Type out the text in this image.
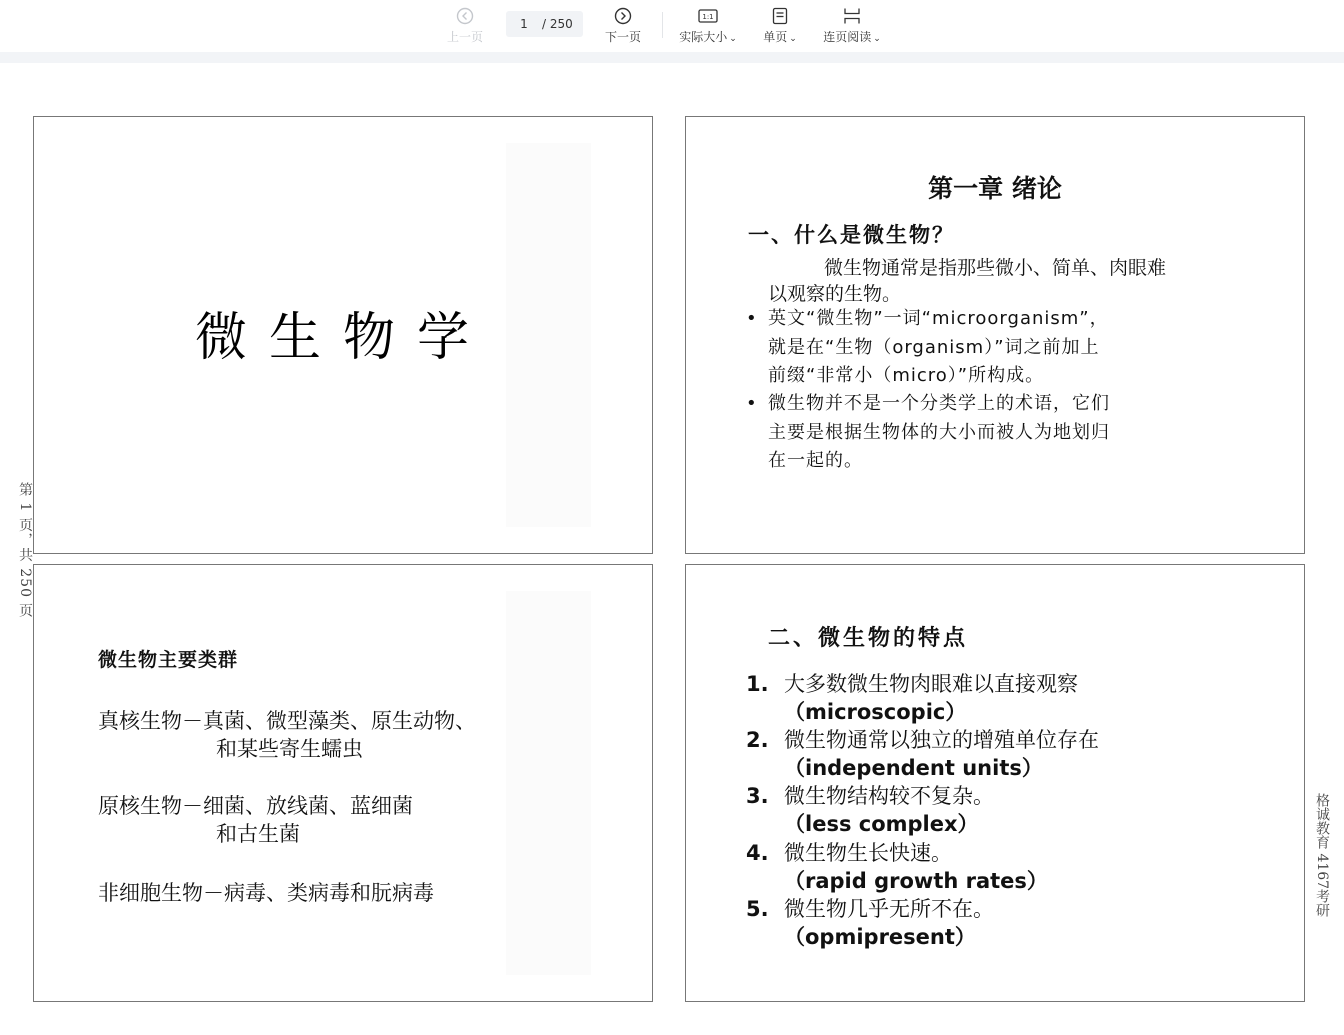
上一页
1	/ 250
下一页
1:1
实际大小 ⌄ 单页 ⌄ 连页阅读 ⌄
第 1 页，共 250 页
格诚教育 4167考研
微生物学
第一章 绪论
一、什么是微生物？
微生物通常是指那些微小、简单、肉眼难
以观察的生物。
• 英文“微生物”一词“microorganism”，
就是在“生物（organism）”词之前加上
前缀“非常小（micro）”所构成。
• 微生物并不是一个分类学上的术语，它们
主要是根据生物体的大小而被人为地划归
在一起的。
微生物主要类群
真核生物－真菌、微型藻类、原生动物、
和某些寄生蠕虫
原核生物－细菌、放线菌、蓝细菌
和古生菌
非细胞生物－病毒、类病毒和朊病毒
二、微生物的特点
1. 大多数微生物肉眼难以直接观察
（microscopic）
2. 微生物通常以独立的增殖单位存在
（independent units）
3. 微生物结构较不复杂。
（less complex）
4. 微生物生长快速。
（rapid growth rates）
5. 微生物几乎无所不在。
（opmipresent）
